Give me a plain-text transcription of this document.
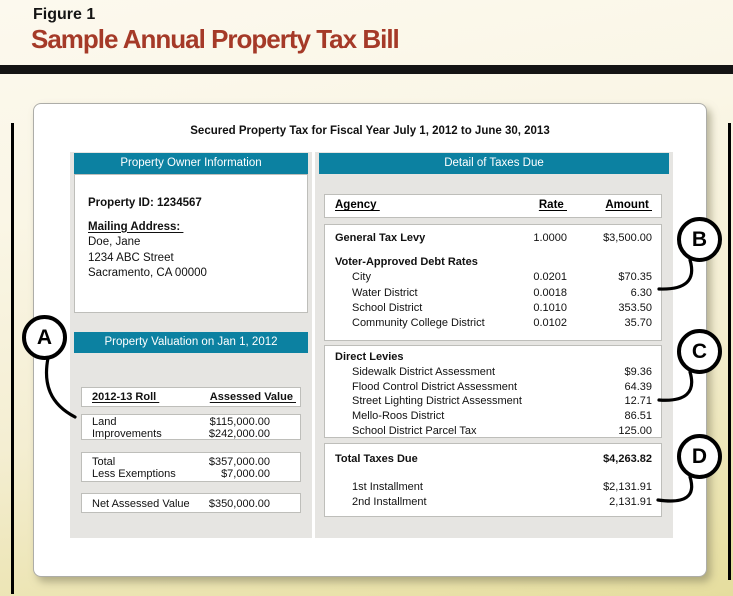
Figure 1
Sample Annual Property Tax Bill
Secured Property Tax for Fiscal Year July 1, 2012 to June 30, 2013
Property Owner Information
Property ID: 1234567
Mailing Address:
Doe, Jane
1234 ABC Street
Sacramento, CA 00000
Property Valuation on Jan 1, 2012
2012-13 Roll	Assessed Value
Land	$115,000.00
Improvements	$242,000.00
Total	$357,000.00
Less Exemptions	$7,000.00
Net Assessed Value	$350,000.00
Detail of Taxes Due
Agency	Rate	Amount
General Tax Levy	1.0000	$3,500.00
Voter-Approved Debt Rates
City	0.0201	$70.35
Water District	0.0018	6.30
School District	0.1010	353.50
Community College District	0.0102	35.70
Direct Levies
Sidewalk District Assessment	$9.36
Flood Control District Assessment	64.39
Street Lighting District Assessment	12.71
Mello-Roos District	86.51
School District Parcel Tax	125.00
Total Taxes Due	$4,263.82
1st Installment	$2,131.91
2nd Installment	2,131.91
A
B
C
D
